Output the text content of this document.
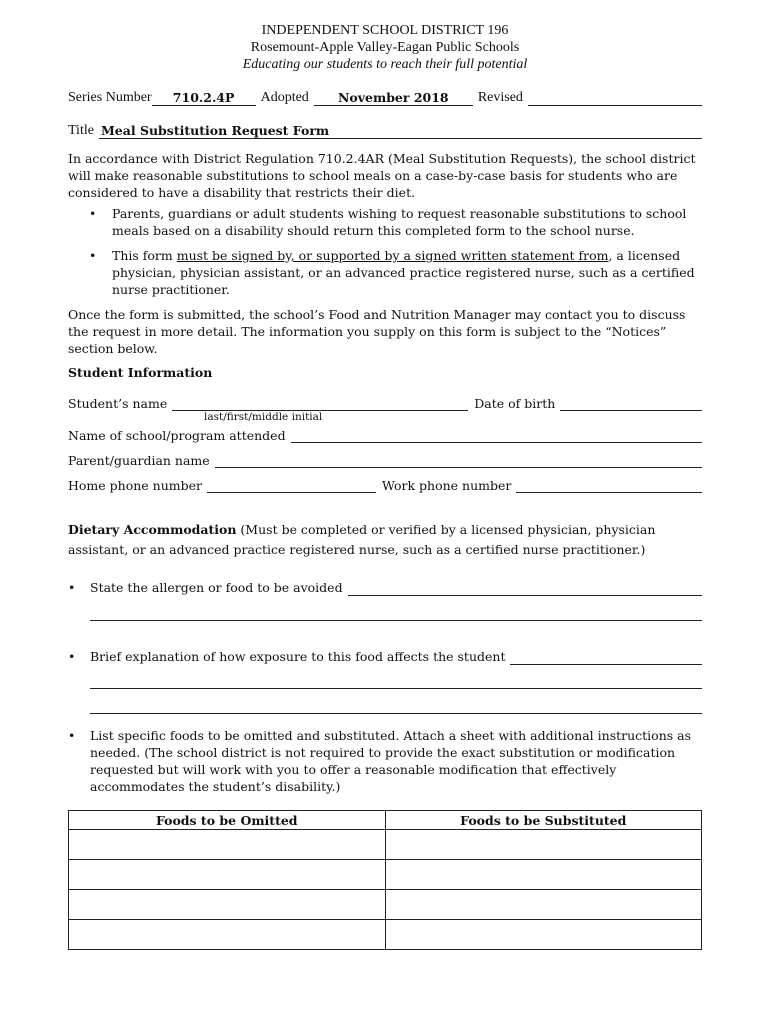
INDEPENDENT SCHOOL DISTRICT 196
Rosemount-Apple Valley-Eagan Public Schools
Educating our students to reach their full potential
Series Number	710.2.4P	Adopted	November 2018	Revised
Title Meal Substitution Request Form

In accordance with District Regulation 710.2.4AR (Meal Substitution Requests), the school district will make reasonable substitutions to school meals on a case-by-case basis for students who are considered to have a disability that restricts their diet.

• Parents, guardians or adult students wishing to request reasonable substitutions to school meals based on a disability should return this completed form to the school nurse.
• This form must be signed by, or supported by a signed written statement from, a licensed physician, physician assistant, or an advanced practice registered nurse, such as a certified nurse practitioner.

Once the form is submitted, the school’s Food and Nutrition Manager may contact you to discuss the request in more detail. The information you supply on this form is subject to the “Notices” section below.

Student Information
Student’s name	Date of birth
last/first/middle initial
Name of school/program attended
Parent/guardian name
Home phone number	Work phone number

Dietary Accommodation (Must be completed or verified by a licensed physician, physician assistant, or an advanced practice registered nurse, such as a certified nurse practitioner.)

• State the allergen or food to be avoided
• Brief explanation of how exposure to this food affects the student
• List specific foods to be omitted and substituted. Attach a sheet with additional instructions as needed. (The school district is not required to provide the exact substitution or modification requested but will work with you to offer a reasonable modification that effectively accommodates the student’s disability.)
Foods to be Omitted	Foods to be Substituted
